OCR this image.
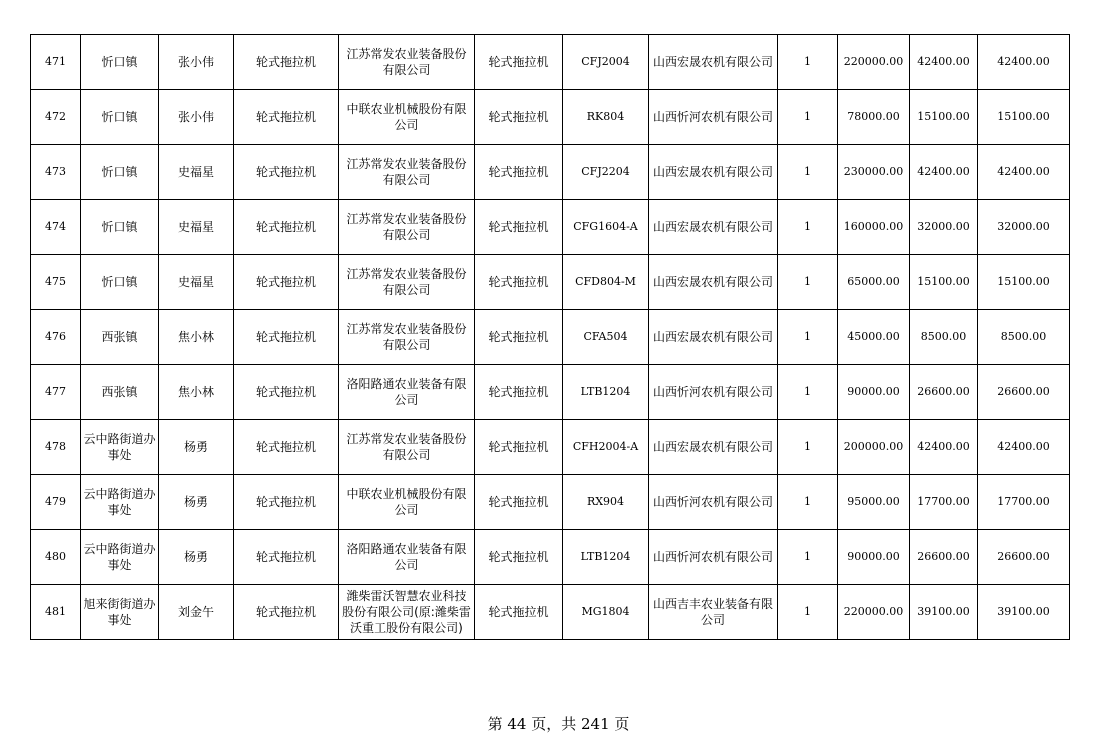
471	忻口镇	张小伟	轮式拖拉机	江苏常发农业装备股份有限公司	轮式拖拉机	CFJ2004	山西宏晟农机有限公司	1	220000.00	42400.00	42400.00
472	忻口镇	张小伟	轮式拖拉机	中联农业机械股份有限公司	轮式拖拉机	RK804	山西忻河农机有限公司	1	78000.00	15100.00	15100.00
473	忻口镇	史福星	轮式拖拉机	江苏常发农业装备股份有限公司	轮式拖拉机	CFJ2204	山西宏晟农机有限公司	1	230000.00	42400.00	42400.00
474	忻口镇	史福星	轮式拖拉机	江苏常发农业装备股份有限公司	轮式拖拉机	CFG1604-A	山西宏晟农机有限公司	1	160000.00	32000.00	32000.00
475	忻口镇	史福星	轮式拖拉机	江苏常发农业装备股份有限公司	轮式拖拉机	CFD804-M	山西宏晟农机有限公司	1	65000.00	15100.00	15100.00
476	西张镇	焦小林	轮式拖拉机	江苏常发农业装备股份有限公司	轮式拖拉机	CFA504	山西宏晟农机有限公司	1	45000.00	8500.00	8500.00
477	西张镇	焦小林	轮式拖拉机	洛阳路通农业装备有限公司	轮式拖拉机	LTB1204	山西忻河农机有限公司	1	90000.00	26600.00	26600.00
478	云中路街道办事处	杨勇	轮式拖拉机	江苏常发农业装备股份有限公司	轮式拖拉机	CFH2004-A	山西宏晟农机有限公司	1	200000.00	42400.00	42400.00
479	云中路街道办事处	杨勇	轮式拖拉机	中联农业机械股份有限公司	轮式拖拉机	RX904	山西忻河农机有限公司	1	95000.00	17700.00	17700.00
480	云中路街道办事处	杨勇	轮式拖拉机	洛阳路通农业装备有限公司	轮式拖拉机	LTB1204	山西忻河农机有限公司	1	90000.00	26600.00	26600.00
481	旭来街街道办事处	刘金午	轮式拖拉机	潍柴雷沃智慧农业科技股份有限公司(原:潍柴雷沃重工股份有限公司)	轮式拖拉机	MG1804	山西吉丰农业装备有限公司	1	220000.00	39100.00	39100.00
第 44 页，共 241 页
